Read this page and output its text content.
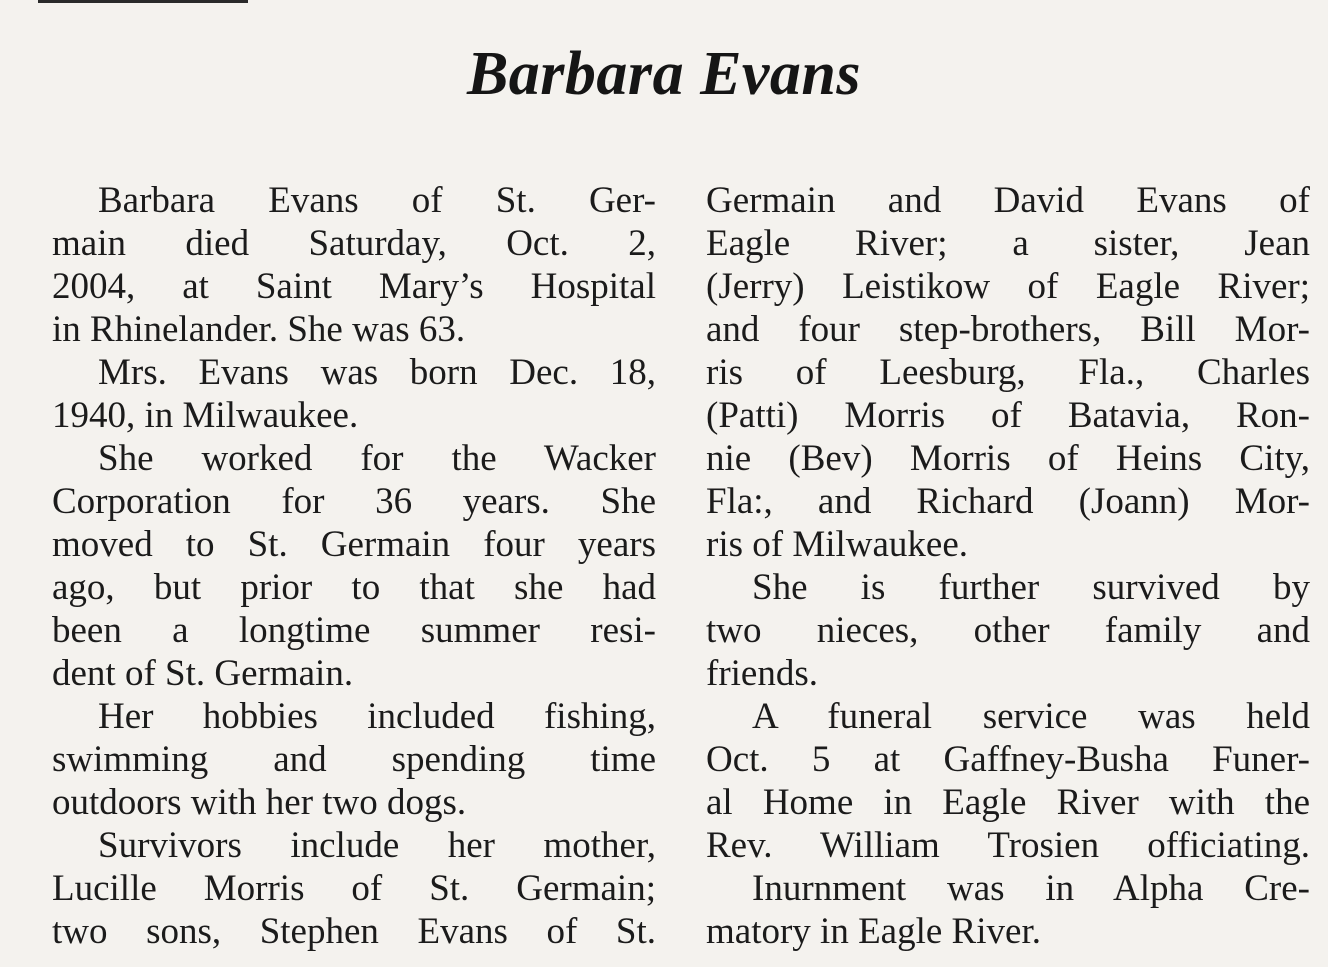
Barbara Evans
Barbara Evans of St. Ger-
main died Saturday, Oct. 2,
2004, at Saint Mary’s Hospital
in Rhinelander. She was 63.
Mrs. Evans was born Dec. 18,
1940, in Milwaukee.
She worked for the Wacker
Corporation for 36 years. She
moved to St. Germain four years
ago, but prior to that she had
been a longtime summer resi-
dent of St. Germain.
Her hobbies included fishing,
swimming and spending time
outdoors with her two dogs.
Survivors include her mother,
Lucille Morris of St. Germain;
two sons, Stephen Evans of St.
Germain and David Evans of
Eagle River; a sister, Jean
(Jerry) Leistikow of Eagle River;
and four step-brothers, Bill Mor-
ris of Leesburg, Fla., Charles
(Patti) Morris of Batavia, Ron-
nie (Bev) Morris of Heins City,
Fla:, and Richard (Joann) Mor-
ris of Milwaukee.
She is further survived by
two nieces, other family and
friends.
A funeral service was held
Oct. 5 at Gaffney-Busha Funer-
al Home in Eagle River with the
Rev. William Trosien officiating.
Inurnment was in Alpha Cre-
matory in Eagle River.
